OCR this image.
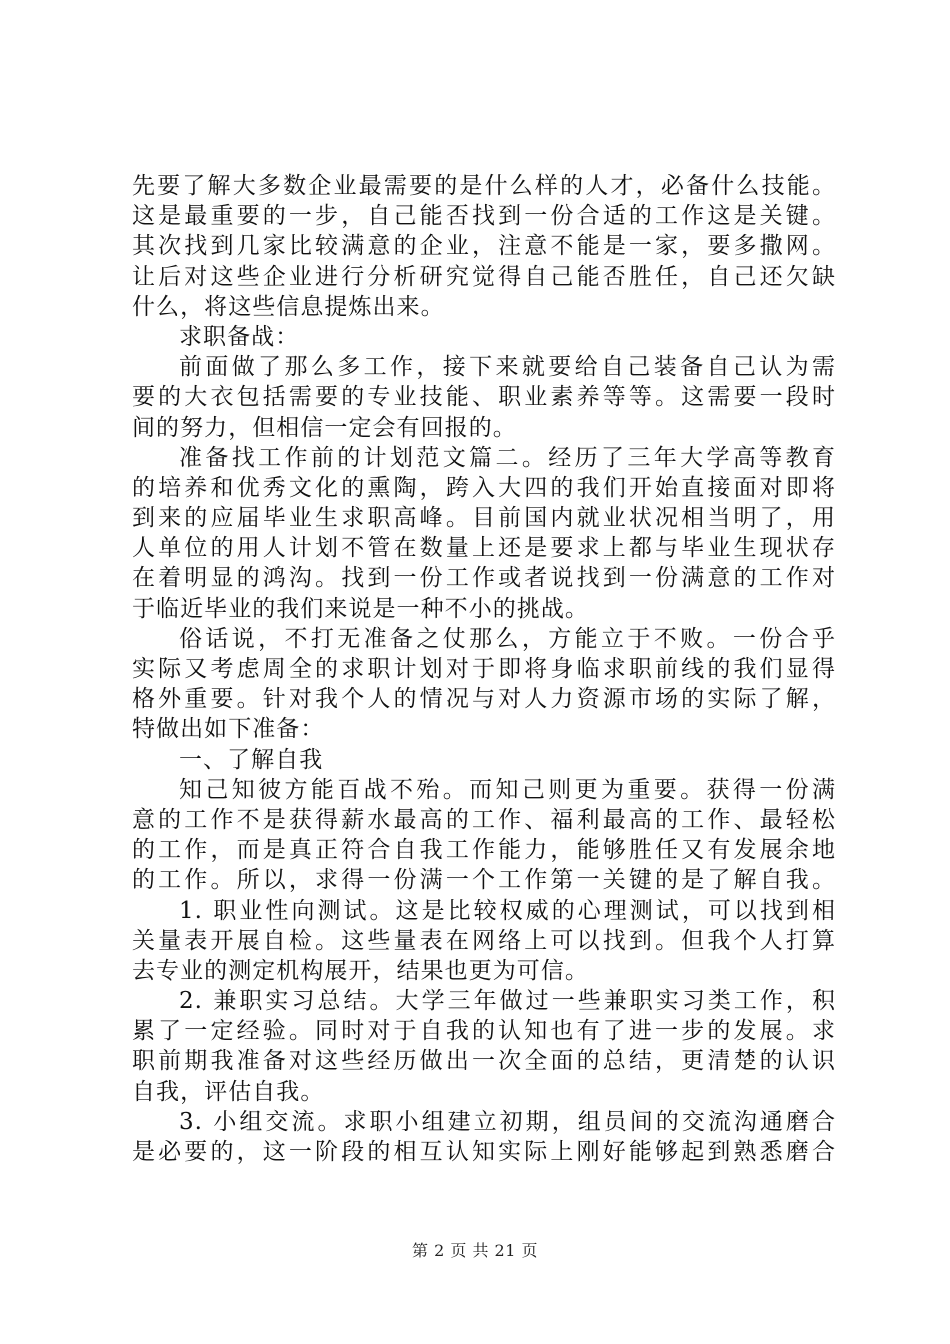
先要了解大多数企业最需要的是什么样的人才，必备什么技能。
这是最重要的一步，自己能否找到一份合适的工作这是关键。
其次找到几家比较满意的企业，注意不能是一家，要多撒网。
让后对这些企业进行分析研究觉得自己能否胜任，自己还欠缺
什么，将这些信息提炼出来。
求职备战：
前面做了那么多工作，接下来就要给自己装备自己认为需
要的大衣包括需要的专业技能、职业素养等等。这需要一段时
间的努力，但相信一定会有回报的。
准备找工作前的计划范文篇二。经历了三年大学高等教育
的培养和优秀文化的熏陶，跨入大四的我们开始直接面对即将
到来的应届毕业生求职高峰。目前国内就业状况相当明了，用
人单位的用人计划不管在数量上还是要求上都与毕业生现状存
在着明显的鸿沟。找到一份工作或者说找到一份满意的工作对
于临近毕业的我们来说是一种不小的挑战。
俗话说，不打无准备之仗那么，方能立于不败。一份合乎
实际又考虑周全的求职计划对于即将身临求职前线的我们显得
格外重要。针对我个人的情况与对人力资源市场的实际了解，
特做出如下准备：
一、了解自我
知己知彼方能百战不殆。而知己则更为重要。获得一份满
意的工作不是获得薪水最高的工作、福利最高的工作、最轻松
的工作，而是真正符合自我工作能力，能够胜任又有发展余地
的工作。所以，求得一份满一个工作第一关键的是了解自我。
1. 职业性向测试。这是比较权威的心理测试，可以找到相
关量表开展自检。这些量表在网络上可以找到。但我个人打算
去专业的测定机构展开，结果也更为可信。
2. 兼职实习总结。大学三年做过一些兼职实习类工作，积
累了一定经验。同时对于自我的认知也有了进一步的发展。求
职前期我准备对这些经历做出一次全面的总结，更清楚的认识
自我，评估自我。
3. 小组交流。求职小组建立初期，组员间的交流沟通磨合
是必要的，这一阶段的相互认知实际上刚好能够起到熟悉磨合
第 2 页 共 21 页
